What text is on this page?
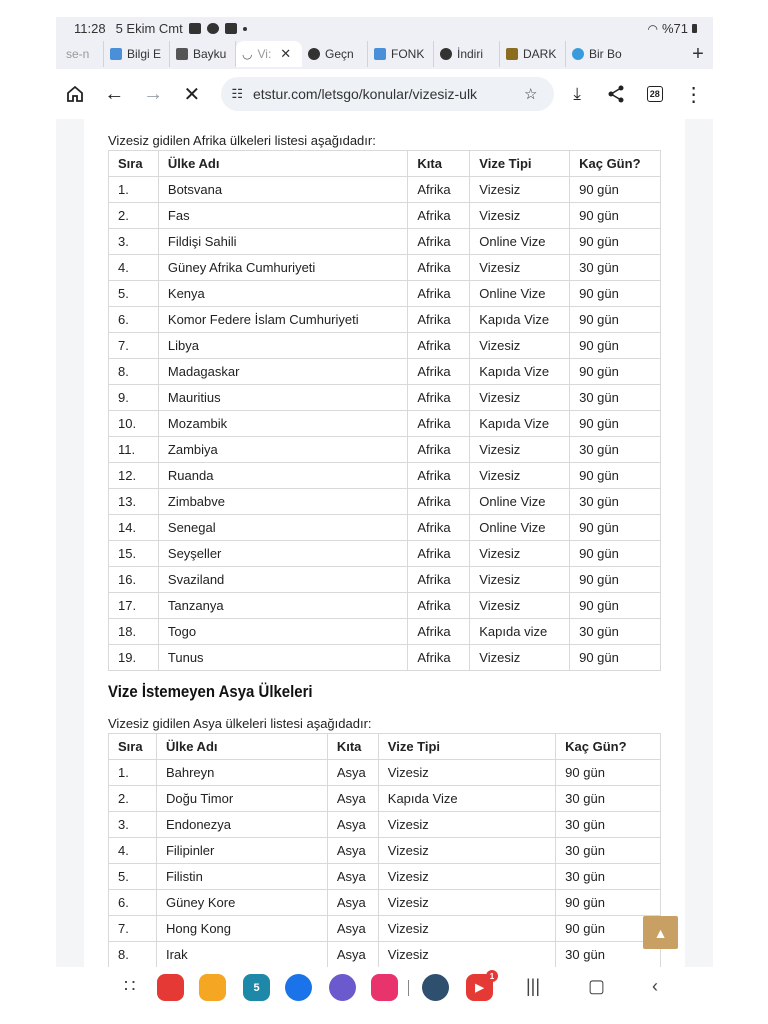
11:28 5 Ekim Cmt	◠ %71
se-n	Bilgi E	Bayku ◡ Vi: ✕	Geçn	FONK	İndiri	DARK	Bir Bo	+
← → ✕ ☷ etstur.com/letsgo/konular/vizesiz-ulk	☆	⤓	28 ⋮
Vizesiz gidilen Afrika ülkeleri listesi aşağıdadır:
Sıra	Ülke Adı	Kıta	Vize Tipi	Kaç Gün?
1.	Botsvana	Afrika	Vizesiz	90 gün
2.	Fas	Afrika	Vizesiz	90 gün
3.	Fildişi Sahili	Afrika	Online Vize	90 gün
4.	Güney Afrika Cumhuriyeti	Afrika	Vizesiz	30 gün
5.	Kenya	Afrika	Online Vize	90 gün
6.	Komor Federe İslam Cumhuriyeti	Afrika	Kapıda Vize	90 gün
7.	Libya	Afrika	Vizesiz	90 gün
8.	Madagaskar	Afrika	Kapıda Vize	90 gün
9.	Mauritius	Afrika	Vizesiz	30 gün
10.	Mozambik	Afrika	Kapıda Vize	90 gün
11.	Zambiya	Afrika	Vizesiz	30 gün
12.	Ruanda	Afrika	Vizesiz	90 gün
13.	Zimbabve	Afrika	Online Vize	30 gün
14.	Senegal	Afrika	Online Vize	90 gün
15.	Seyşeller	Afrika	Vizesiz	90 gün
16.	Svaziland	Afrika	Vizesiz	90 gün
17.	Tanzanya	Afrika	Vizesiz	90 gün
18.	Togo	Afrika	Kapıda vize	30 gün
19.	Tunus	Afrika	Vizesiz	90 gün
Vize İstemeyen Asya Ülkeleri
Vizesiz gidilen Asya ülkeleri listesi aşağıdadır:
Sıra	Ülke Adı	Kıta	Vize Tipi	Kaç Gün?
1.	Bahreyn	Asya	Vizesiz	90 gün
2.	Doğu Timor	Asya	Kapıda Vize	30 gün
3.	Endonezya	Asya	Vizesiz	30 gün
4.	Filipinler	Asya	Vizesiz	30 gün
5.	Filistin	Asya	Vizesiz	30 gün
6.	Güney Kore	Asya	Vizesiz	90 gün
7.	Hong Kong	Asya	Vizesiz	90 gün
8.	Irak	Asya	Vizesiz	30 gün

▲
∷	5	▶
1 |||	▢	‹
